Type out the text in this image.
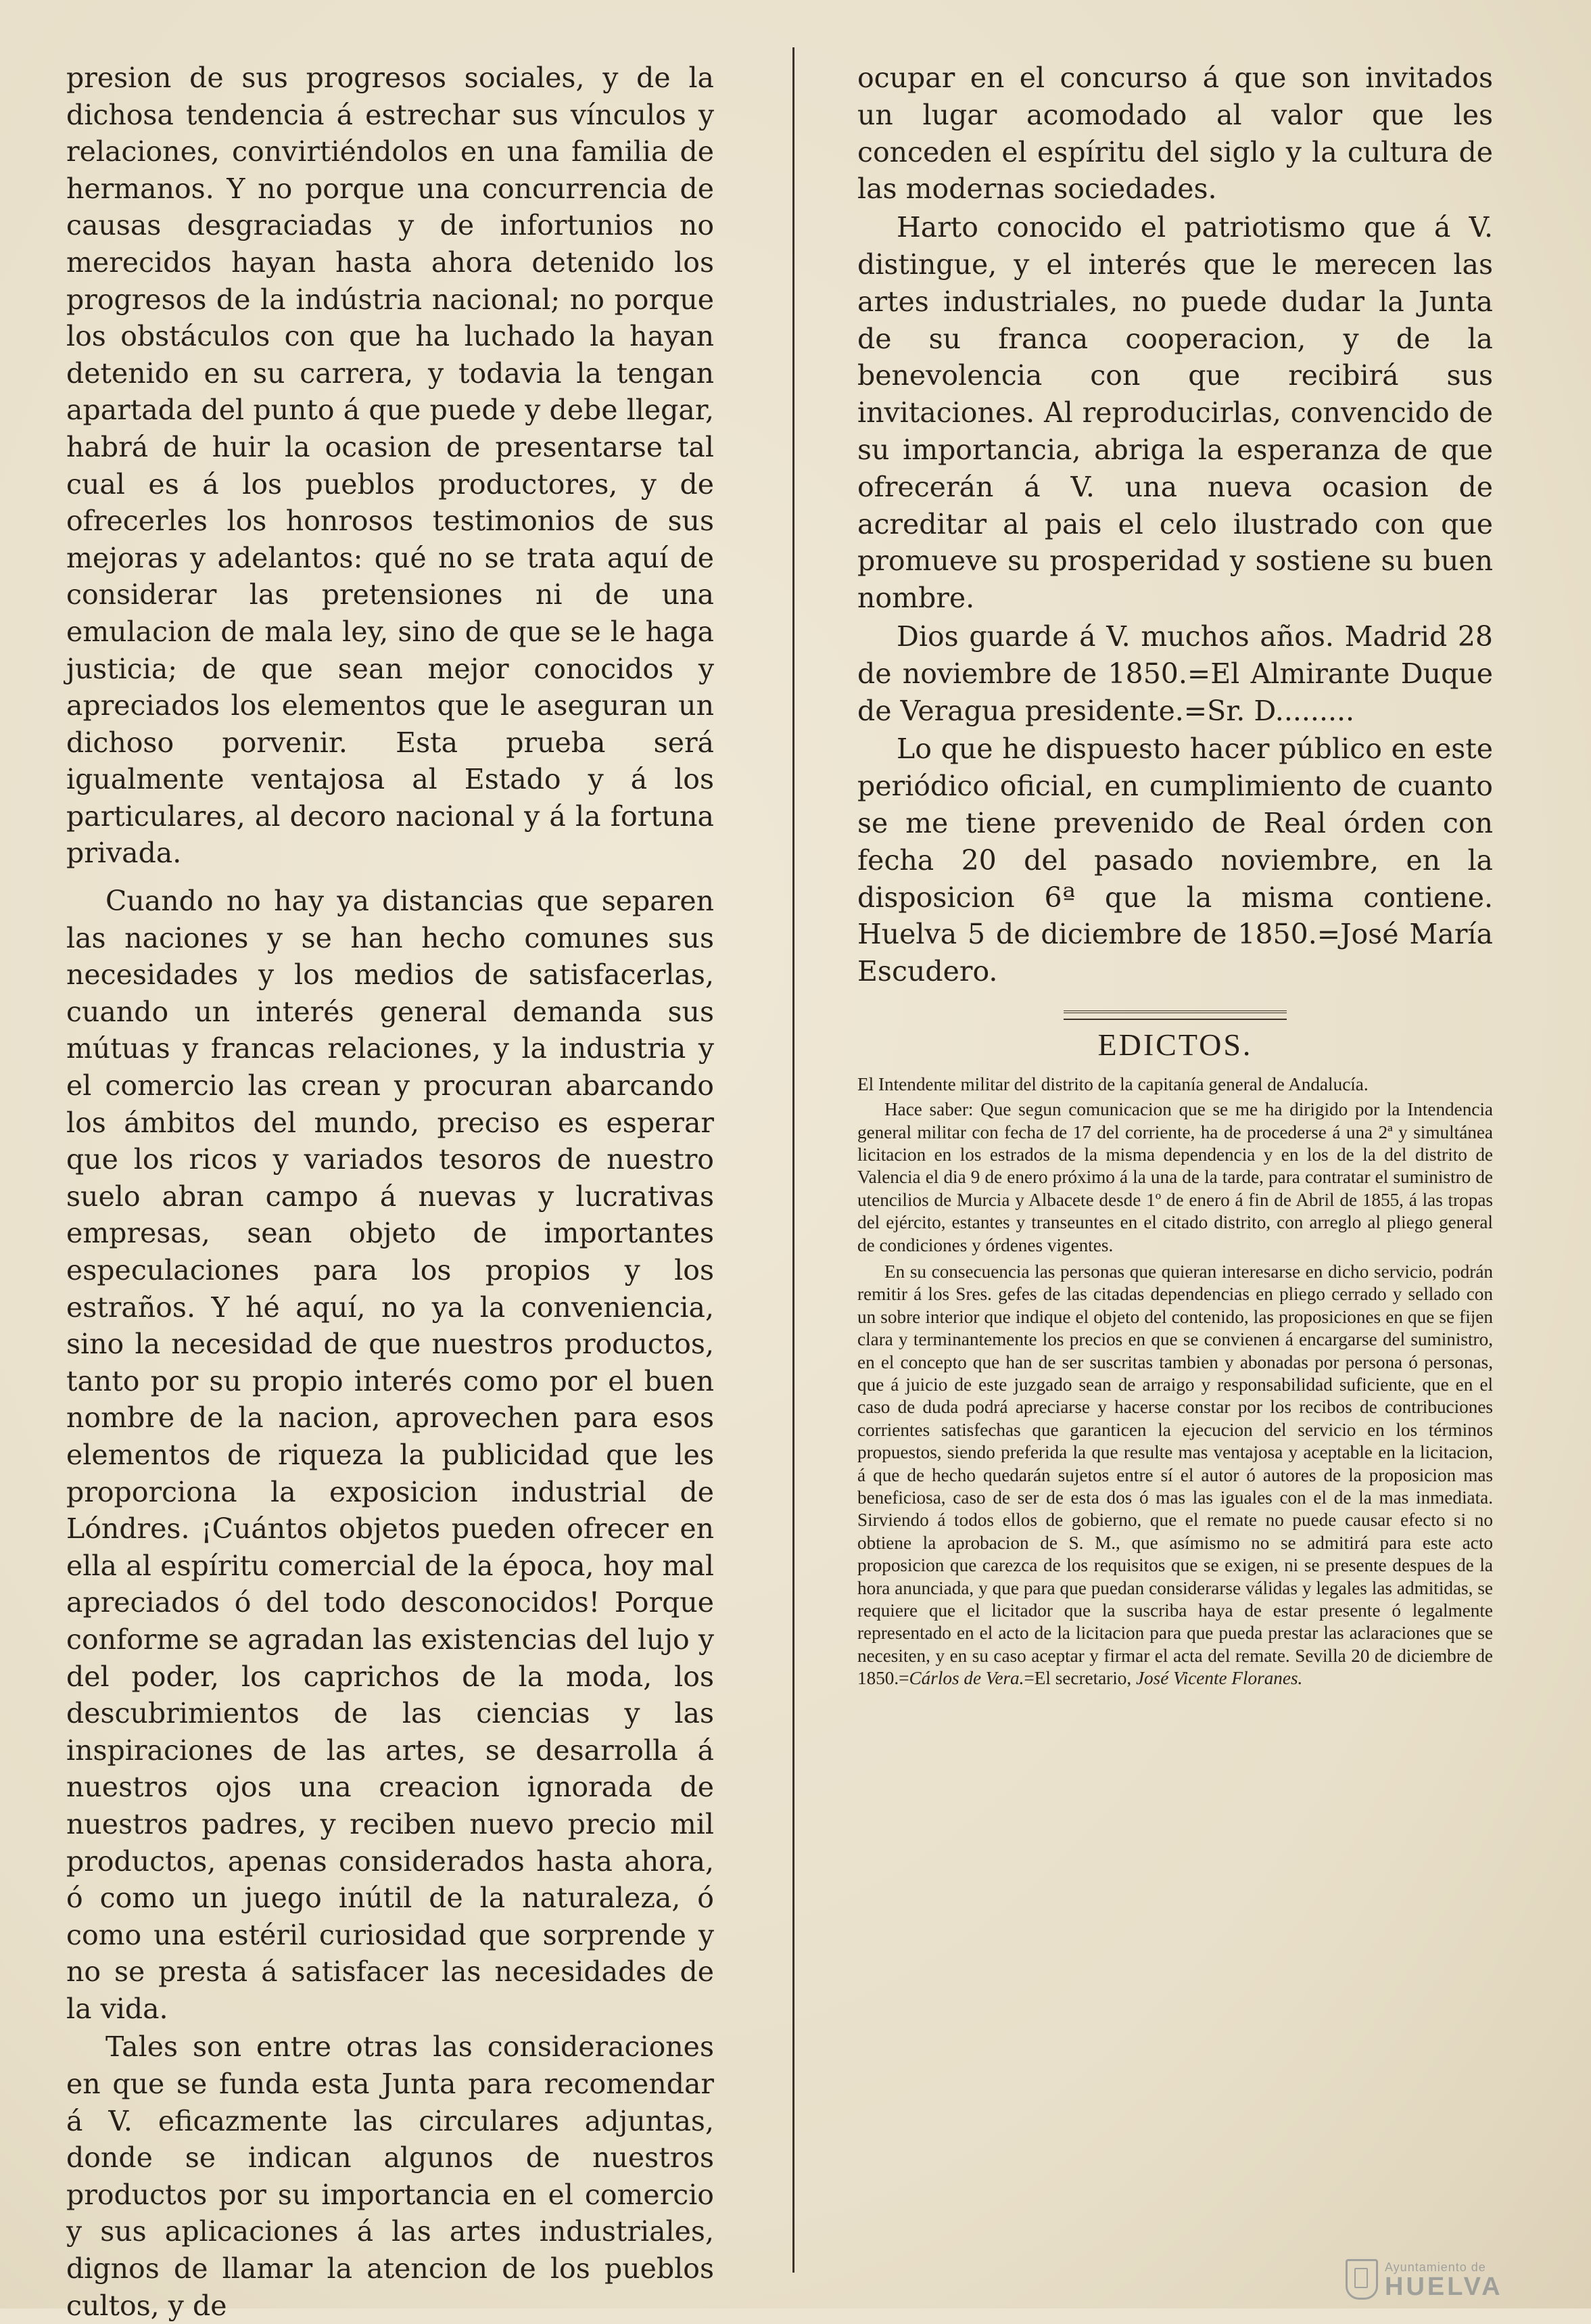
presion de sus progresos sociales, y de la dichosa tendencia á estrechar sus vínculos y relaciones, convirtiéndolos en una familia de hermanos. Y no porque una concurrencia de causas desgraciadas y de infortunios no merecidos hayan hasta ahora detenido los progresos de la indústria nacional; no porque los obstáculos con que ha luchado la hayan detenido en su carrera, y todavia la tengan apartada del punto á que puede y debe llegar, habrá de huir la ocasion de presentarse tal cual es á los pueblos productores, y de ofrecerles los honrosos testimonios de sus mejoras y adelantos: qué no se trata aquí de considerar las pretensiones ni de una emulacion de mala ley, sino de que se le haga justicia; de que sean mejor conocidos y apreciados los elementos que le aseguran un dichoso porvenir. Esta prueba será igualmente ventajosa al Estado y á los particulares, al decoro nacional y á la fortuna privada.

Cuando no hay ya distancias que separen las naciones y se han hecho comunes sus necesidades y los medios de satisfacerlas, cuando un interés general demanda sus mútuas y francas relaciones, y la industria y el comercio las crean y procuran abarcando los ámbitos del mundo, preciso es esperar que los ricos y variados tesoros de nuestro suelo abran campo á nuevas y lucrativas empresas, sean objeto de importantes especulaciones para los propios y los estraños. Y hé aquí, no ya la conveniencia, sino la necesidad de que nuestros productos, tanto por su propio interés como por el buen nombre de la nacion, aprovechen para esos elementos de riqueza la publicidad que les proporciona la exposicion industrial de Lóndres. ¡Cuántos objetos pueden ofrecer en ella al espíritu comercial de la época, hoy mal apreciados ó del todo desconocidos! Porque conforme se agradan las existencias del lujo y del poder, los caprichos de la moda, los descubrimientos de las ciencias y las inspiraciones de las artes, se desarrolla á nuestros ojos una creacion ignorada de nuestros padres, y reciben nuevo precio mil productos, apenas considerados hasta ahora, ó como un juego inútil de la naturaleza, ó como una estéril curiosidad que sorprende y no se presta á satisfacer las necesidades de la vida.

Tales son entre otras las consideraciones en que se funda esta Junta para recomendar á V. eficazmente las circulares adjuntas, donde se indican algunos de nuestros productos por su importancia en el comercio y sus aplicaciones á las artes industriales, dignos de llamar la atencion de los pueblos cultos, y de

ocupar en el concurso á que son invitados un lugar acomodado al valor que les conceden el espíritu del siglo y la cultura de las modernas sociedades.

Harto conocido el patriotismo que á V. distingue, y el interés que le merecen las artes industriales, no puede dudar la Junta de su franca cooperacion, y de la benevolencia con que recibirá sus invitaciones. Al reproducirlas, convencido de su importancia, abriga la esperanza de que ofrecerán á V. una nueva ocasion de acreditar al pais el celo ilustrado con que promueve su prosperidad y sostiene su buen nombre.

Dios guarde á V. muchos años. Madrid 28 de noviembre de 1850.=El Almirante Duque de Veragua presidente.=Sr. D.........

Lo que he dispuesto hacer público en este periódico oficial, en cumplimiento de cuanto se me tiene prevenido de Real órden con fecha 20 del pasado noviembre, en la disposicion 6ª que la misma contiene. Huelva 5 de diciembre de 1850.=José María Escudero.

EDICTOS.

El Intendente militar del distrito de la capitanía general de Andalucía.

Hace saber: Que segun comunicacion que se me ha dirigido por la Intendencia general militar con fecha de 17 del corriente, ha de procederse á una 2ª y simultánea licitacion en los estrados de la misma dependencia y en los de la del distrito de Valencia el dia 9 de enero próximo á la una de la tarde, para contratar el suministro de utencilios de Murcia y Albacete desde 1º de enero á fin de Abril de 1855, á las tropas del ejército, estantes y transeuntes en el citado distrito, con arreglo al pliego general de condiciones y órdenes vigentes.

En su consecuencia las personas que quieran interesarse en dicho servicio, podrán remitir á los Sres. gefes de las citadas dependencias en pliego cerrado y sellado con un sobre interior que indique el objeto del contenido, las proposiciones en que se fijen clara y terminantemente los precios en que se convienen á encargarse del suministro, en el concepto que han de ser suscritas tambien y abonadas por persona ó personas, que á juicio de este juzgado sean de arraigo y responsabilidad suficiente, que en el caso de duda podrá apreciarse y hacerse constar por los recibos de contribuciones corrientes satisfechas que garanticen la ejecucion del servicio en los términos propuestos, siendo preferida la que resulte mas ventajosa y aceptable en la licitacion, á que de hecho quedarán sujetos entre sí el autor ó autores de la proposicion mas beneficiosa, caso de ser de esta dos ó mas las iguales con el de la mas inmediata. Sirviendo á todos ellos de gobierno, que el remate no puede causar efecto si no obtiene la aprobacion de S. M., que asímismo no se admitirá para este acto proposicion que carezca de los requisitos que se exigen, ni se presente despues de la hora anunciada, y que para que puedan considerarse válidas y legales las admitidas, se requiere que el licitador que la suscriba haya de estar presente ó legalmente representado en el acto de la licitacion para que pueda prestar las aclaraciones que se necesiten, y en su caso aceptar y firmar el acta del remate. Sevilla 20 de diciembre de 1850.=Cárlos de Vera.=El secretario, José Vicente Floranes.

Ayuntamiento de
HUELVA
